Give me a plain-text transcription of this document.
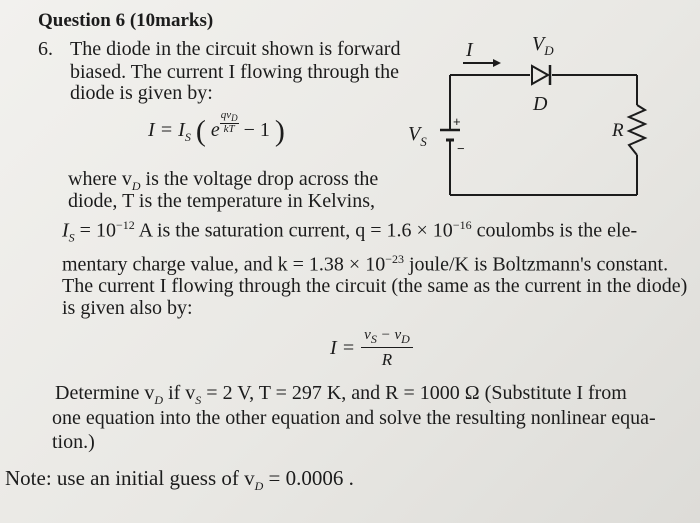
Question 6 (10marks)
6. The diode in the circuit shown is forward
biased. The current I flowing through the
diode is given by:
$I = I_S$ ( e
$qv_D$
kT − 1 )
where $v_D$ is the voltage drop across the
diode, T is the temperature in Kelvins,
$I_S = 10^{-12}$ A is the saturation current, $q = 1.6 \times 10^{-16}$ coulombs is the ele-
mentary charge value, and $k = 1.38 \times 10^{-23}$ joule/K is Boltzmann's constant.
The current I flowing through the circuit (the same as the current in the diode)
is given also by:
$I = \frac{v_S - v_D}{R}$
Determine $v_D$ if $v_S = 2$ V, T = 297 K, and R = 1000 Ω (Substitute I from
one equation into the other equation and solve the resulting nonlinear equa-
tion.)
Note: use an initial guess of $v_D = 0.0006$ .
I	$V_D$
D
R
$V_S$
+
−
